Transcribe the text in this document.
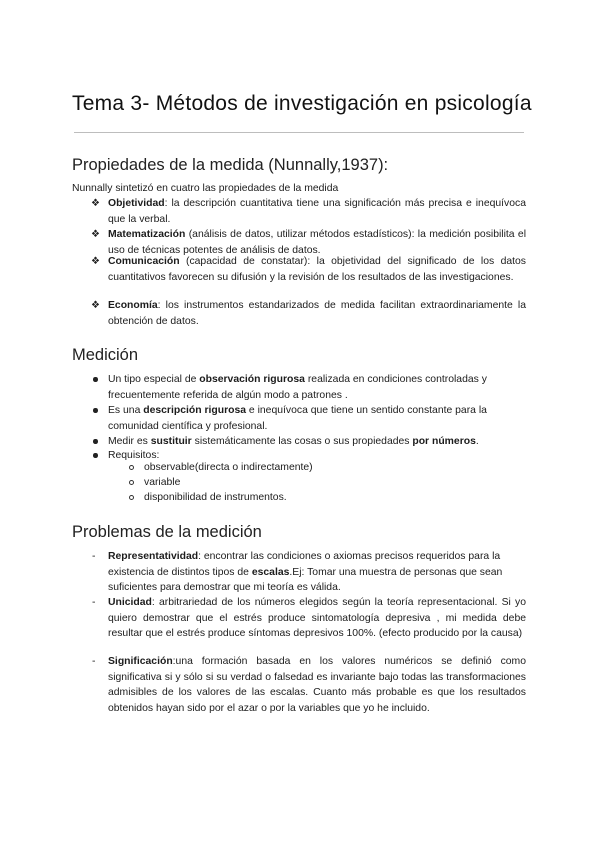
Tema 3- Métodos de investigación en psicología
Propiedades de la medida (Nunnally,1937):
Nunnally sintetizó en cuatro las propiedades de la medida
❖ Objetividad: la descripción cuantitativa tiene una significación más precisa e inequívoca que la verbal.
❖ Matematización (análisis de datos, utilizar métodos estadísticos): la medición posibilita el uso de técnicas potentes de análisis de datos.
❖ Comunicación (capacidad de constatar): la objetividad del significado de los datos cuantitativos favorecen su difusión y la revisión de los resultados de las investigaciones.
❖ Economía: los instrumentos estandarizados de medida facilitan extraordinariamente la obtención de datos.
Medición
Un tipo especial de observación rigurosa realizada en condiciones controladas y frecuentemente referida de algún modo a patrones .
Es una descripción rigurosa e inequívoca que tiene un sentido constante para la comunidad científica y profesional.
Medir es sustituir sistemáticamente las cosas o sus propiedades por números.
Requisitos:
observable(directa o indirectamente)
variable
disponibilidad de instrumentos.
Problemas de la medición
- Representatividad: encontrar las condiciones o axiomas precisos requeridos para la existencia de distintos tipos de escalas.Ej: Tomar una muestra de personas que sean suficientes para demostrar que mi teoría es válida.
- Unicidad: arbitrariedad de los números elegidos según la teoría representacional. Si yo quiero demostrar que el estrés produce sintomatología depresiva , mi medida debe resultar que el estrés produce síntomas depresivos 100%. (efecto producido por la causa)
- Significación:una formación basada en los valores numéricos se definió como significativa si y sólo si su verdad o falsedad es invariante bajo todas las transformaciones admisibles de los valores de las escalas. Cuanto más probable es que los resultados obtenidos hayan sido por el azar o por la variables que yo he incluido.
